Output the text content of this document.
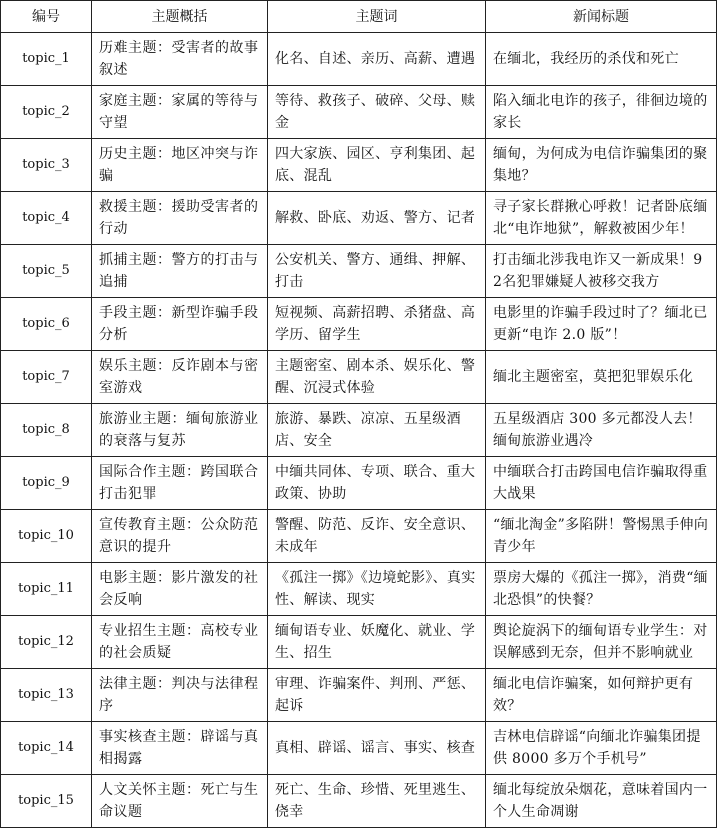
编号	主题概括	主题词	新闻标题
topic_1	历难主题：受害者的故事叙述	化名、自述、亲历、高薪、遭遇	在缅北，我经历的杀伐和死亡
topic_2	家庭主题：家属的等待与守望	等待、救孩子、破碎、父母、赎金	陷入缅北电诈的孩子，徘徊边境的家长
topic_3	历史主题：地区冲突与诈骗	四大家族、园区、亨利集团、起底、混乱	缅甸，为何成为电信诈骗集团的聚集地？
topic_4	救援主题：援助受害者的行动	解救、卧底、劝返、警方、记者	寻子家长群揪心呼救！记者卧底缅北“电诈地狱”，解救被困少年！
topic_5	抓捕主题：警方的打击与追捕	公安机关、警方、通缉、押解、打击	打击缅北涉我电诈又一新成果！92名犯罪嫌疑人被移交我方
topic_6	手段主题：新型诈骗手段分析	短视频、高薪招聘、杀猪盘、高学历、留学生	电影里的诈骗手段过时了？缅北已更新“电诈 2.0 版”！
topic_7	娱乐主题：反诈剧本与密室游戏	主题密室、剧本杀、娱乐化、警醒、沉浸式体验	缅北主题密室，莫把犯罪娱乐化
topic_8	旅游业主题：缅甸旅游业的衰落与复苏	旅游、暴跌、凉凉、五星级酒店、安全	五星级酒店 300 多元都没人去！缅甸旅游业遇冷
topic_9	国际合作主题：跨国联合打击犯罪	中缅共同体、专项、联合、重大政策、协助	中缅联合打击跨国电信诈骗取得重大战果
topic_10	宣传教育主题：公众防范意识的提升	警醒、防范、反诈、安全意识、未成年	“缅北淘金”多陷阱！警惕黑手伸向青少年
topic_11	电影主题：影片激发的社会反响	《孤注一掷》《边境蛇影》、真实性、解读、现实	票房大爆的《孤注一掷》，消费“缅北恐惧”的快餐？
topic_12	专业招生主题：高校专业的社会质疑	缅甸语专业、妖魔化、就业、学生、招生	舆论旋涡下的缅甸语专业学生：对误解感到无奈，但并不影响就业
topic_13	法律主题：判决与法律程序	审理、诈骗案件、判刑、严惩、起诉	缅北电信诈骗案，如何辩护更有效？
topic_14	事实核查主题：辟谣与真相揭露	真相、辟谣、谣言、事实、核查	吉林电信辟谣“向缅北诈骗集团提供 8000 多万个手机号”
topic_15	人文关怀主题：死亡与生命议题	死亡、生命、珍惜、死里逃生、侥幸	缅北每绽放朵烟花，意味着国内一个人生命凋谢
